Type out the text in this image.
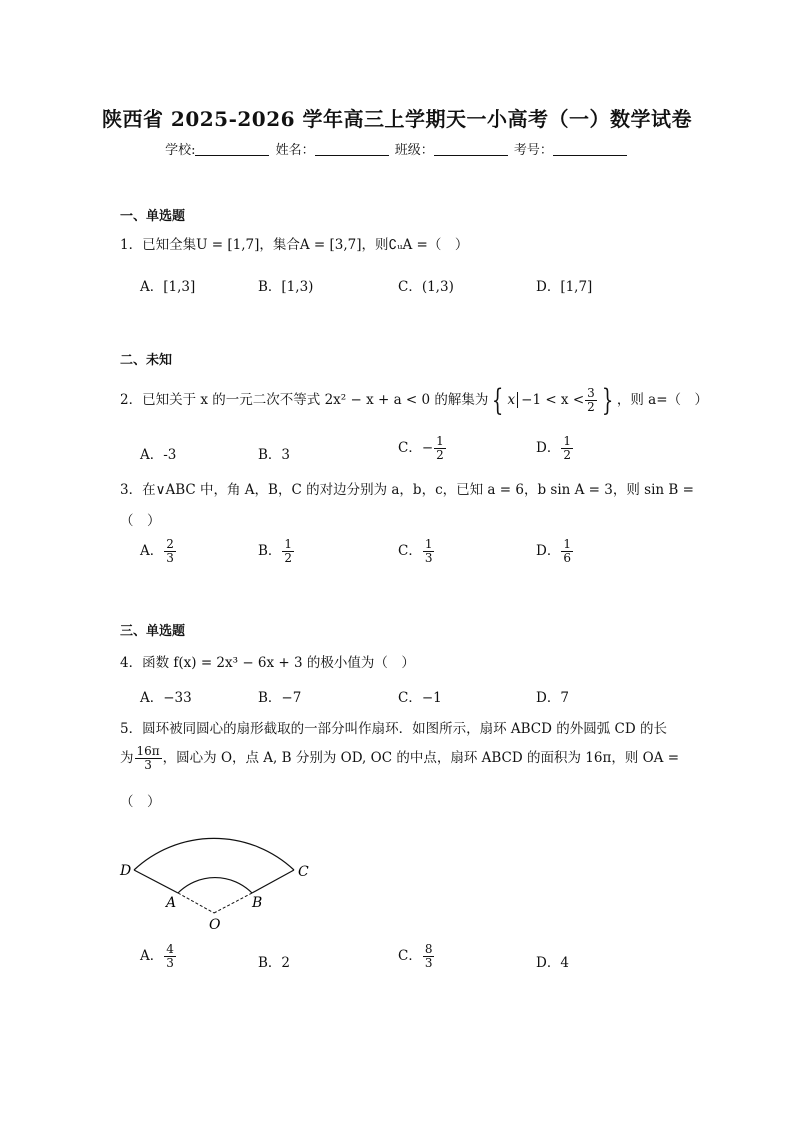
陕西省 2025-2026 学年高三上学期天一小高考（一）数学试卷
学校:	姓名：	班级：	考号：
一、单选题
1．已知全集U = [1,7]，集合A = [3,7]，则∁ᵤA =（　）
A．[1,3]	B．[1,3)	C．(1,3)	D．[1,7]
二、未知
2．已知关于 x 的一元二次不等式 2x² − x + a < 0 的解集为 { $x -1 < x < \frac{3}{2}$ } ，则 a=（　）
A．-3	B．3	C．− $\frac{1}{2}$	D． $\frac{1}{2}$
3．在∨ABC 中，角 A，B，C 的对边分别为 a，b，c，已知 a = 6，b sin A = 3，则 sin B =
（　）
A． $\frac{2}{3}$	B． $\frac{1}{2}$	C． $\frac{1}{3}$	D． $\frac{1}{6}$
三、单选题
4．函数 f(x) = 2x³ − 6x + 3 的极小值为（　）
A．−33	B．−7	C．−1	D．7
5．圆环被同圆心的扇形截取的一部分叫作扇环．如图所示，扇环 ABCD 的外圆弧 CD 的长
为 $\frac{16\pi}{3}$ ，圆心为 O，点 A, B 分别为 OD, OC 的中点，扇环 ABCD 的面积为 16π，则 OA =
（　）
D	C
A	B
O
A． $\frac{4}{3}$	B．2	C． $\frac{8}{3}$	D．4
